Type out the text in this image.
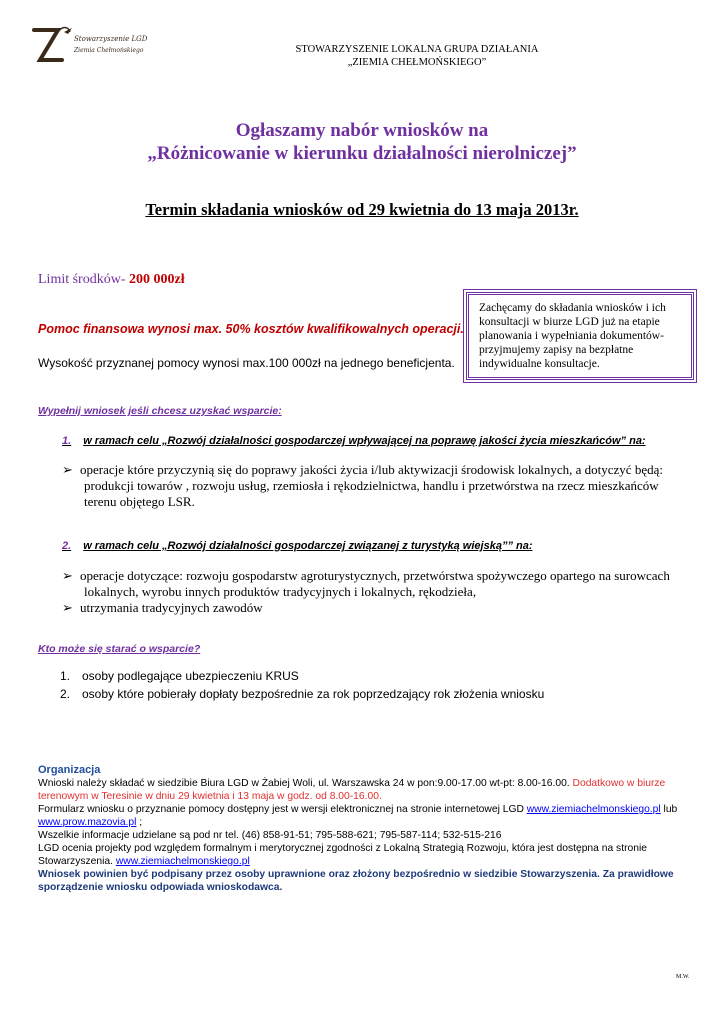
Stowarzyszenie LGD
Ziemia Chełmońskiego	STOWARZYSZENIE LOKALNA GRUPA DZIAŁANIA
„ZIEMIA CHEŁMOŃSKIEGO”
Ogłaszamy nabór wniosków na
„Różnicowanie w kierunku działalności nierolniczej”
Termin składania wniosków od 29 kwietnia do 13 maja 2013r.
Limit środków- 200 000zł
Pomoc finansowa wynosi max. 50% kosztów kwalifikowalnych operacji.
Wysokość przyznanej pomocy wynosi max.100 000zł na jednego beneficjenta.
Zachęcamy do składania wniosków i ich konsultacji w biurze LGD już na etapie planowania i wypełniania dokumentów-przyjmujemy zapisy na bezpłatne indywidualne konsultacje.
Wypełnij wniosek jeśli chcesz uzyskać wsparcie:
1. w ramach celu „Rozwój działalności gospodarczej wpływającej na poprawę jakości życia mieszkańców” na:
➢ operacje które przyczynią się do poprawy jakości życia i/lub aktywizacji środowisk lokalnych, a dotyczyć będą:
produkcji towarów , rozwoju usług, rzemiosła i rękodzielnictwa, handlu i przetwórstwa na rzecz mieszkańców
terenu objętego LSR.
2. w ramach celu „Rozwój działalności gospodarczej związanej z turystyką wiejską”” na:
➢ operacje dotyczące: rozwoju gospodarstw agroturystycznych, przetwórstwa spożywczego opartego na surowcach
lokalnych, wyrobu innych produktów tradycyjnych i lokalnych, rękodzieła,
➢ utrzymania tradycyjnych zawodów
Kto może się starać o wsparcie?
1. osoby podlegające ubezpieczeniu KRUS
2. osoby które pobierały dopłaty bezpośrednie za rok poprzedzający rok złożenia wniosku
Organizacja
Wnioski należy składać w siedzibie Biura LGD w Żabiej Woli, ul. Warszawska 24 w pon:9.00-17.00 wt-pt: 8.00-16.00. Dodatkowo w biurze terenowym w Teresinie w dniu 29 kwietnia i 13 maja w godz. od 8.00-16.00.
Formularz wniosku o przyznanie pomocy dostępny jest w wersji elektronicznej na stronie internetowej LGD www.ziemiachelmonskiego.pl lub www.prow.mazovia.pl ;
Wszelkie informacje udzielane są pod nr tel. (46) 858-91-51; 795-588-621; 795-587-114; 532-515-216
LGD ocenia projekty pod względem formalnym i merytorycznej zgodności z Lokalną Strategią Rozwoju, która jest dostępna na stronie Stowarzyszenia. www.ziemiachelmonskiego.pl
Wniosek powinien być podpisany przez osoby uprawnione oraz złożony bezpośrednio w siedzibie Stowarzyszenia. Za prawidłowe sporządzenie wniosku odpowiada wnioskodawca.
M.W.
